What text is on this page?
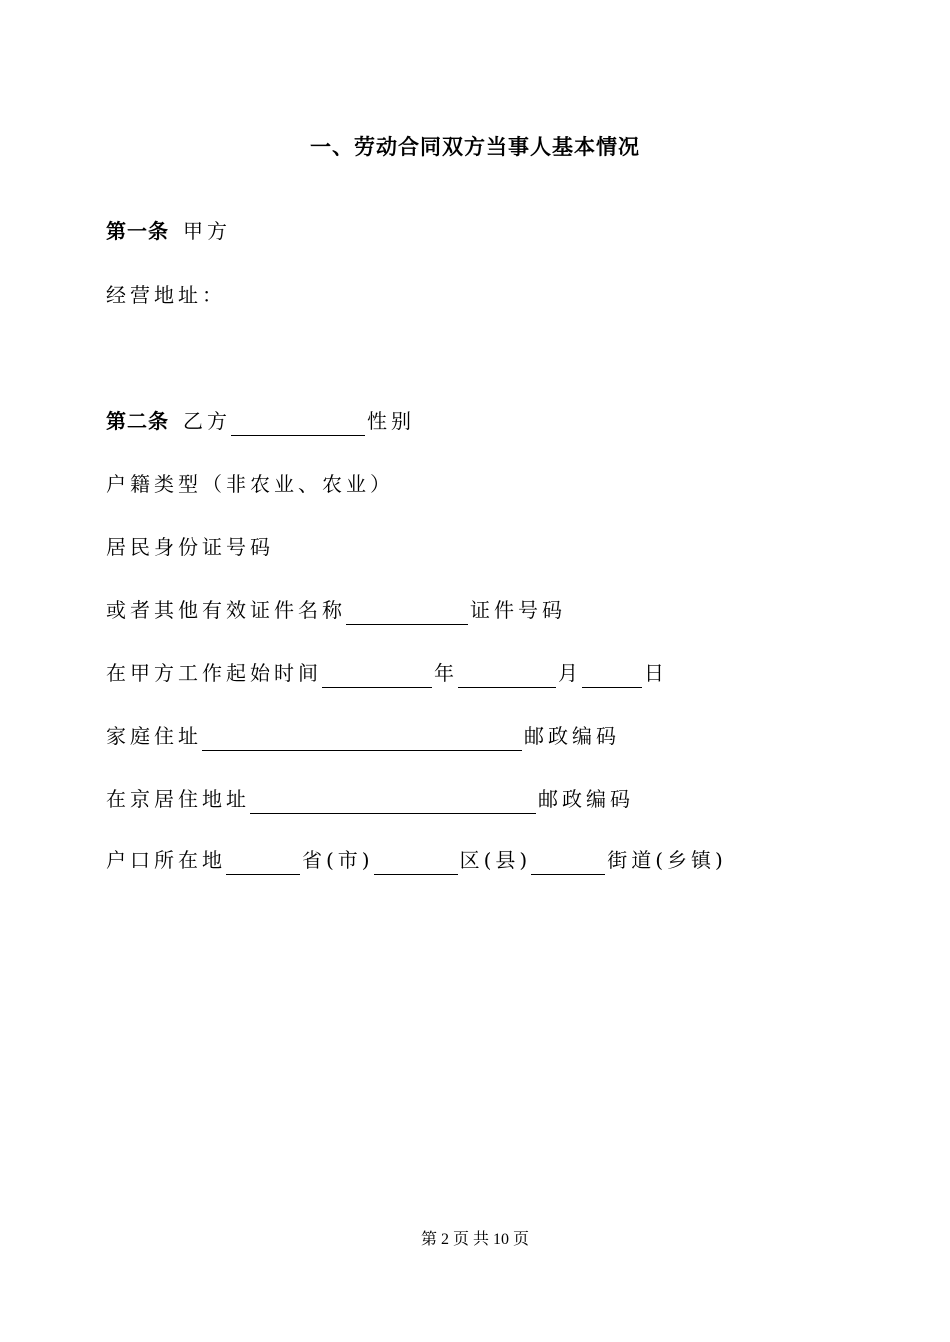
一、劳动合同双方当事人基本情况
第一条 甲方
经营地址：
第二条 乙方	性别
户籍类型（非农业、农业）
居民身份证号码
或者其他有效证件名称	证件号码
在甲方工作起始时间	年	月	日
家庭住址	邮政编码
在京居住地址	邮政编码
户口所在地	省(市)	区(县)	街道(乡镇)
第 2 页 共 10 页
